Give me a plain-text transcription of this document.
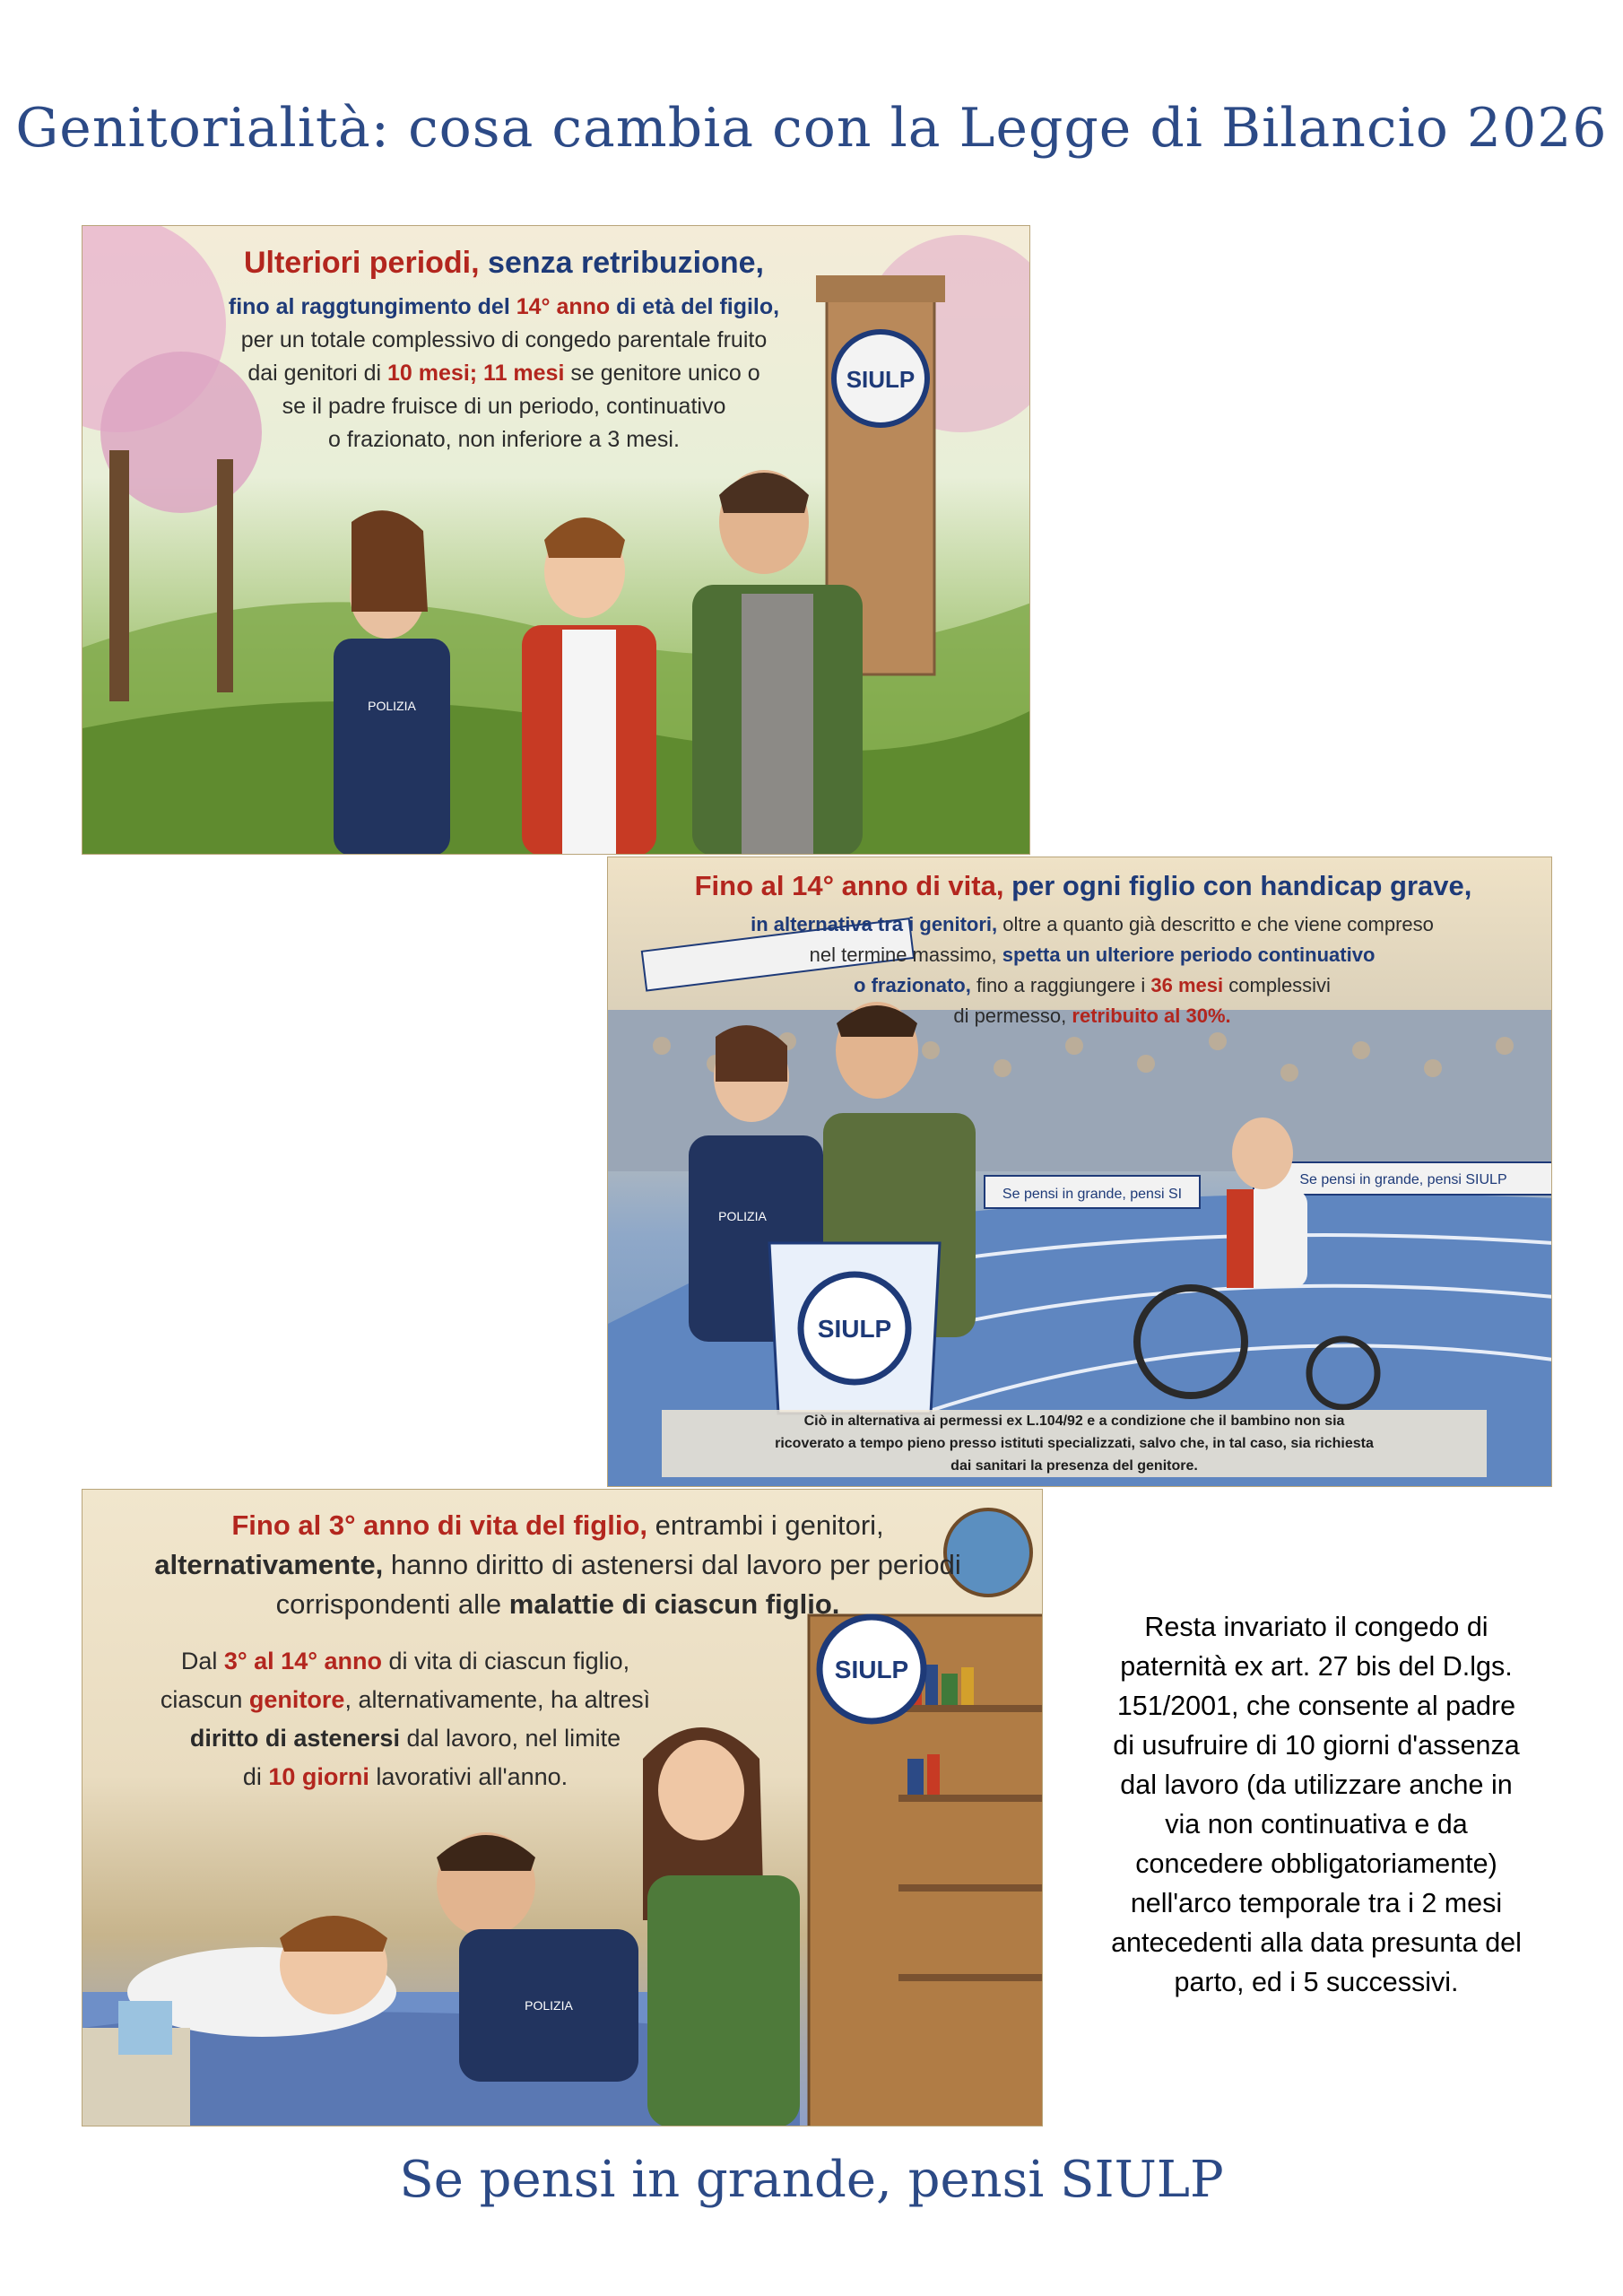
Genitorialità: cosa cambia con la Legge di Bilancio 2026
SIULP
POLIZIA
Ulteriori periodi, senza retribuzione,
fino al raggtungimento del 14° anno di età del figilo,
per un totale complessivo di congedo parentale fruito
dai genitori di 10 mesi; 11 mesi se genitore unico o
se il padre fruisce di un periodo, continuativo
o frazionato, non inferiore a 3 mesi.
Se pensi in grande, pensi SI
Se pensi in grande, pensi SIULP
POLIZIA
SIULP
Fino al 14° anno di vita, per ogni figlio con handicap grave,
in alternativa tra i genitori, oltre a quanto già descritto e che viene compreso
nel termine massimo, spetta un ulteriore periodo continuativo
o frazionato, fino a raggiungere i 36 mesi complessivi
di permesso, retribuito al 30%.
Ciò in alternativa ai permessi ex L.104/92 e a condizione che il bambino non sia
ricoverato a tempo pieno presso istituti specializzati, salvo che, in tal caso, sia richiesta
dai sanitari la presenza del genitore.
SIULP
POLIZIA
Fino al 3° anno di vita del figlio, entrambi i genitori,
alternativamente, hanno diritto di astenersi dal lavoro per periodi
corrispondenti alle malattie di ciascun figlio.
Dal 3° al 14° anno di vita di ciascun figlio,
ciascun genitore, alternativamente, ha altresì
diritto di astenersi dal lavoro, nel limite
di 10 giorni lavorativi all'anno.
Resta invariato il congedo di
paternità ex art. 27 bis del D.lgs.
151/2001, che consente al padre
di usufruire di 10 giorni d'assenza
dal lavoro (da utilizzare anche in
via non continuativa e da
concedere obbligatoriamente)
nell'arco temporale tra i 2 mesi
antecedenti alla data presunta del
parto, ed i 5 successivi.
Se pensi in grande, pensi SIULP
